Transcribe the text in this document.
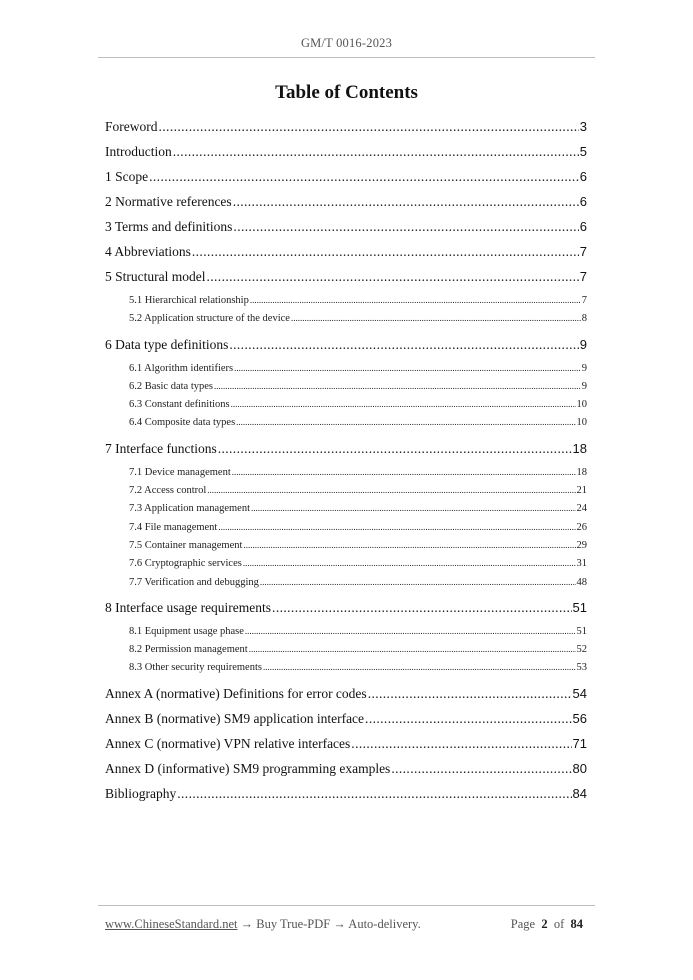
GM/T 0016-2023
Table of Contents
Foreword .....	3
Introduction .....	5
1 Scope .....	6
2 Normative references .....	6
3 Terms and definitions .....	6
4 Abbreviations .....	7
5 Structural model .....	7
5.1 Hierarchical relationship .....	7
5.2 Application structure of the device .....	8
6 Data type definitions .....	9
6.1 Algorithm identifiers .....	9
6.2 Basic data types .....	9
6.3 Constant definitions .....	10
6.4 Composite data types .....	10
7 Interface functions .....	18
7.1 Device management .....	18
7.2 Access control .....	21
7.3 Application management .....	24
7.4 File management .....	26
7.5 Container management .....	29
7.6 Cryptographic services .....	31
7.7 Verification and debugging .....	48
8 Interface usage requirements .....	51
8.1 Equipment usage phase .....	51
8.2 Permission management .....	52
8.3 Other security requirements .....	53
Annex A (normative) Definitions for error codes .....	54
Annex B (normative) SM9 application interface .....	56
Annex C (normative) VPN relative interfaces .....	71
Annex D (informative) SM9 programming examples .....	80
Bibliography .....	84
www.ChineseStandard.net → Buy True-PDF → Auto-delivery.	Page 2 of 84
